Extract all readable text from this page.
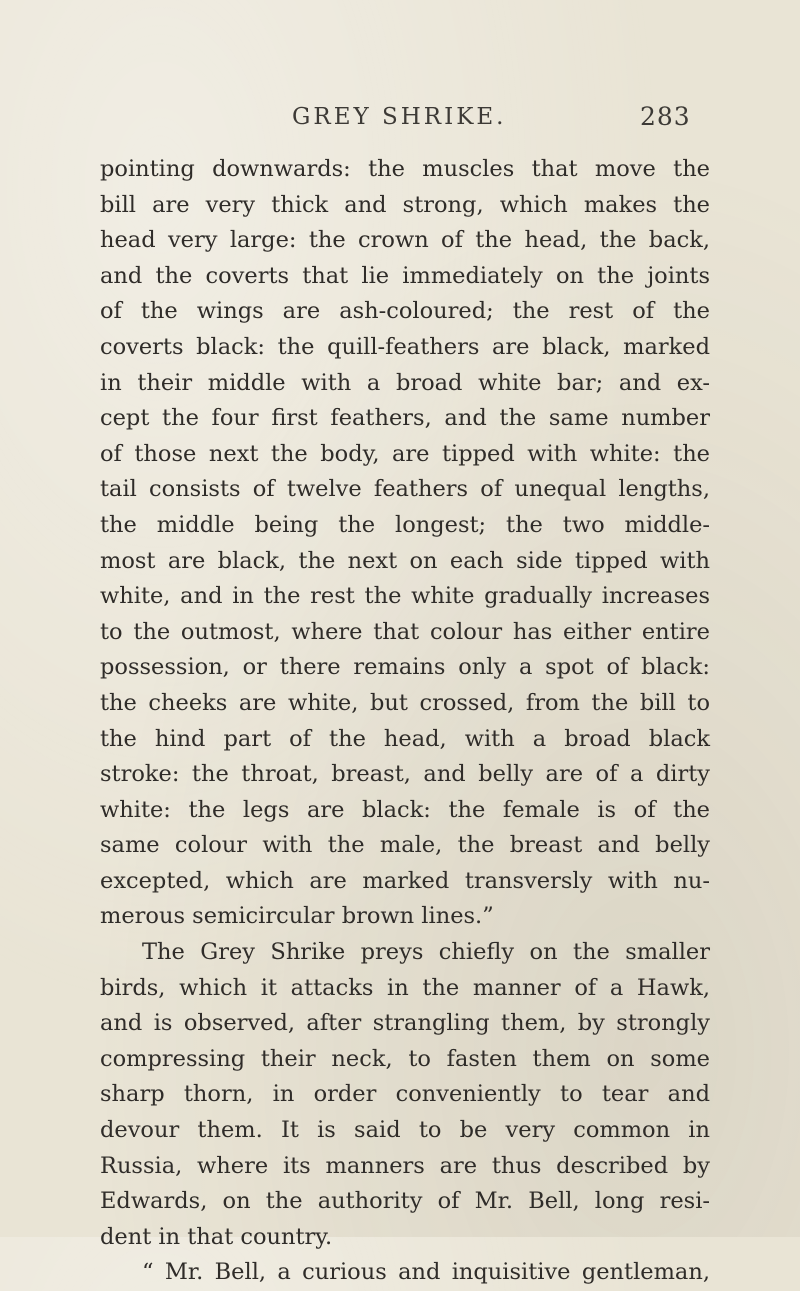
GREY SHRIKE.	283
pointing downwards: the muscles that move the
bill are very thick and strong, which makes the
head very large: the crown of the head, the back,
and the coverts that lie immediately on the joints
of the wings are ash-coloured; the rest of the
coverts black: the quill-feathers are black, marked
in their middle with a broad white bar; and ex-
cept the four first feathers, and the same number
of those next the body, are tipped with white: the
tail consists of twelve feathers of unequal lengths,
the middle being the longest; the two middle-
most are black, the next on each side tipped with
white, and in the rest the white gradually increases
to the outmost, where that colour has either entire
possession, or there remains only a spot of black:
the cheeks are white, but crossed, from the bill to
the hind part of the head, with a broad black
stroke: the throat, breast, and belly are of a dirty
white: the legs are black: the female is of the
same colour with the male, the breast and belly
excepted, which are marked transversly with nu-
merous semicircular brown lines.”
The Grey Shrike preys chiefly on the smaller
birds, which it attacks in the manner of a Hawk,
and is observed, after strangling them, by strongly
compressing their neck, to fasten them on some
sharp thorn, in order conveniently to tear and
devour them. It is said to be very common in
Russia, where its manners are thus described by
Edwards, on the authority of Mr. Bell, long resi-
dent in that country.
“ Mr. Bell, a curious and inquisitive gentleman,
